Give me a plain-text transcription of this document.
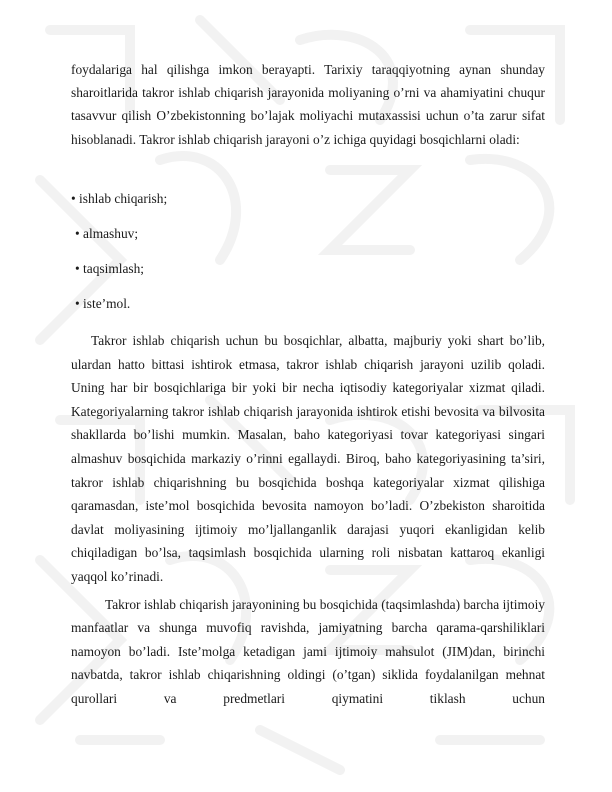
foydalariga hal qilishga imkon berayapti. Tarixiy taraqqiyotning aynan shunday sharoitlarida takror ishlab chiqarish jarayonida moliyaning o’rni va ahamiyatini chuqur tasavvur qilish O’zbekistonning bo’lajak moliyachi mutaxassisi uchun o’ta zarur sifat hisoblanadi. Takror ishlab chiqarish jarayoni o’z ichiga quyidagi bosqichlarni oladi:
• ishlab chiqarish;
• almashuv;
• taqsimlash;
• iste’mol.
Takror ishlab chiqarish uchun bu bosqichlar, albatta, majburiy yoki shart bo’lib, ulardan hatto bittasi ishtirok etmasa, takror ishlab chiqarish jarayoni uzilib qoladi. Uning har bir bosqichlariga bir yoki bir necha iqtisodiy kategoriyalar xizmat qiladi. Kategoriyalarning takror ishlab chiqarish jarayonida ishtirok etishi bevosita va bilvosita shakllarda bo’lishi mumkin. Masalan, baho kategoriyasi tovar kategoriyasi singari almashuv bosqichida markaziy o’rinni egallaydi. Biroq, baho kategoriyasining ta’siri, takror ishlab chiqarishning bu bosqichida boshqa kategoriyalar xizmat qilishiga qaramasdan, iste’mol bosqichida bevosita namoyon bo’ladi. O’zbekiston sharoitida davlat moliyasining ijtimoiy mo’ljallanganlik darajasi yuqori ekanligidan kelib chiqiladigan bo’lsa, taqsimlash bosqichida ularning roli nisbatan kattaroq ekanligi yaqqol ko’rinadi.
Takror ishlab chiqarish jarayonining bu bosqichida (taqsimlashda) barcha ijtimoiy manfaatlar va shunga muvofiq ravishda, jamiyatning barcha qarama-qarshiliklari namoyon bo’ladi. Iste’molga ketadigan jami ijtimoiy mahsulot (JIM)dan, birinchi navbatda, takror ishlab chiqarishning oldingi (o’tgan) siklida foydalanilgan mehnat qurollari va predmetlari qiymatini tiklash uchun
